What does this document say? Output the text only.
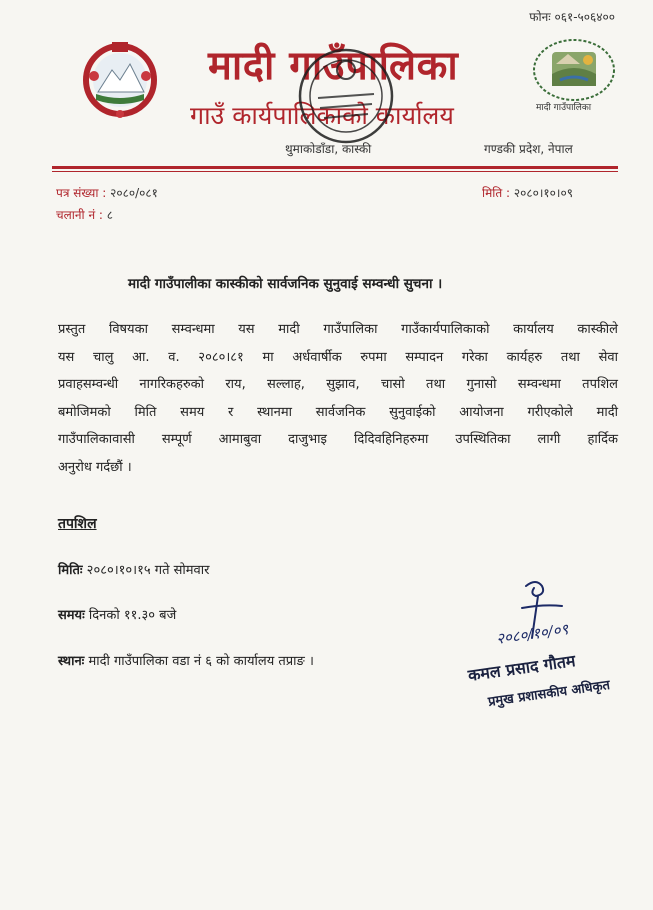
फोनः ०६१-५०६४००
मादी गाउँपालिका
मादी गाउँपालिका
गाउँ कार्यपालिकाको कार्यालय
थुमाकोडाँडा, कास्की	गण्डकी प्रदेश, नेपाल
पत्र संख्या : २०८०/०८१	मिति : २०८०।१०।०९
चलानी नं : ८
मादी गाउँपालीका कास्कीको सार्वजनिक सुनुवाई सम्वन्धी सुचना ।
प्रस्तुत विषयका सम्वन्धमा यस मादी गाउँपालिका गाउँकार्यपालिकाको कार्यालय कास्कीले
यस चालु आ. व. २०८०।८१ मा अर्धवार्षीक रुपमा सम्पादन गरेका कार्यहरु तथा सेवा
प्रवाहसम्वन्धी नागरिकहरुको राय, सल्लाह, सुझाव, चासो तथा गुनासो सम्वन्धमा तपशिल
बमोजिमको मिति समय र स्थानमा सार्वजनिक सुनुवाईको आयोजना गरीएकोले मादी
गाउँपालिकावासी सम्पूर्ण आमाबुवा दाजुभाइ दिदिवहिनिहरुमा उपस्थितिका लागी हार्दिक
अनुरोध गर्दछौं ।
तपशिल
मितिः २०८०।१०।१५ गते सोमवार
समयः दिनको ११.३० बजे
स्थानः मादी गाउँपालिका वडा नं ६ को कार्यालय तप्राङ ।
२०८०/१०/०९
कमल प्रसाद गौतम
प्रमुख प्रशासकीय अधिकृत
